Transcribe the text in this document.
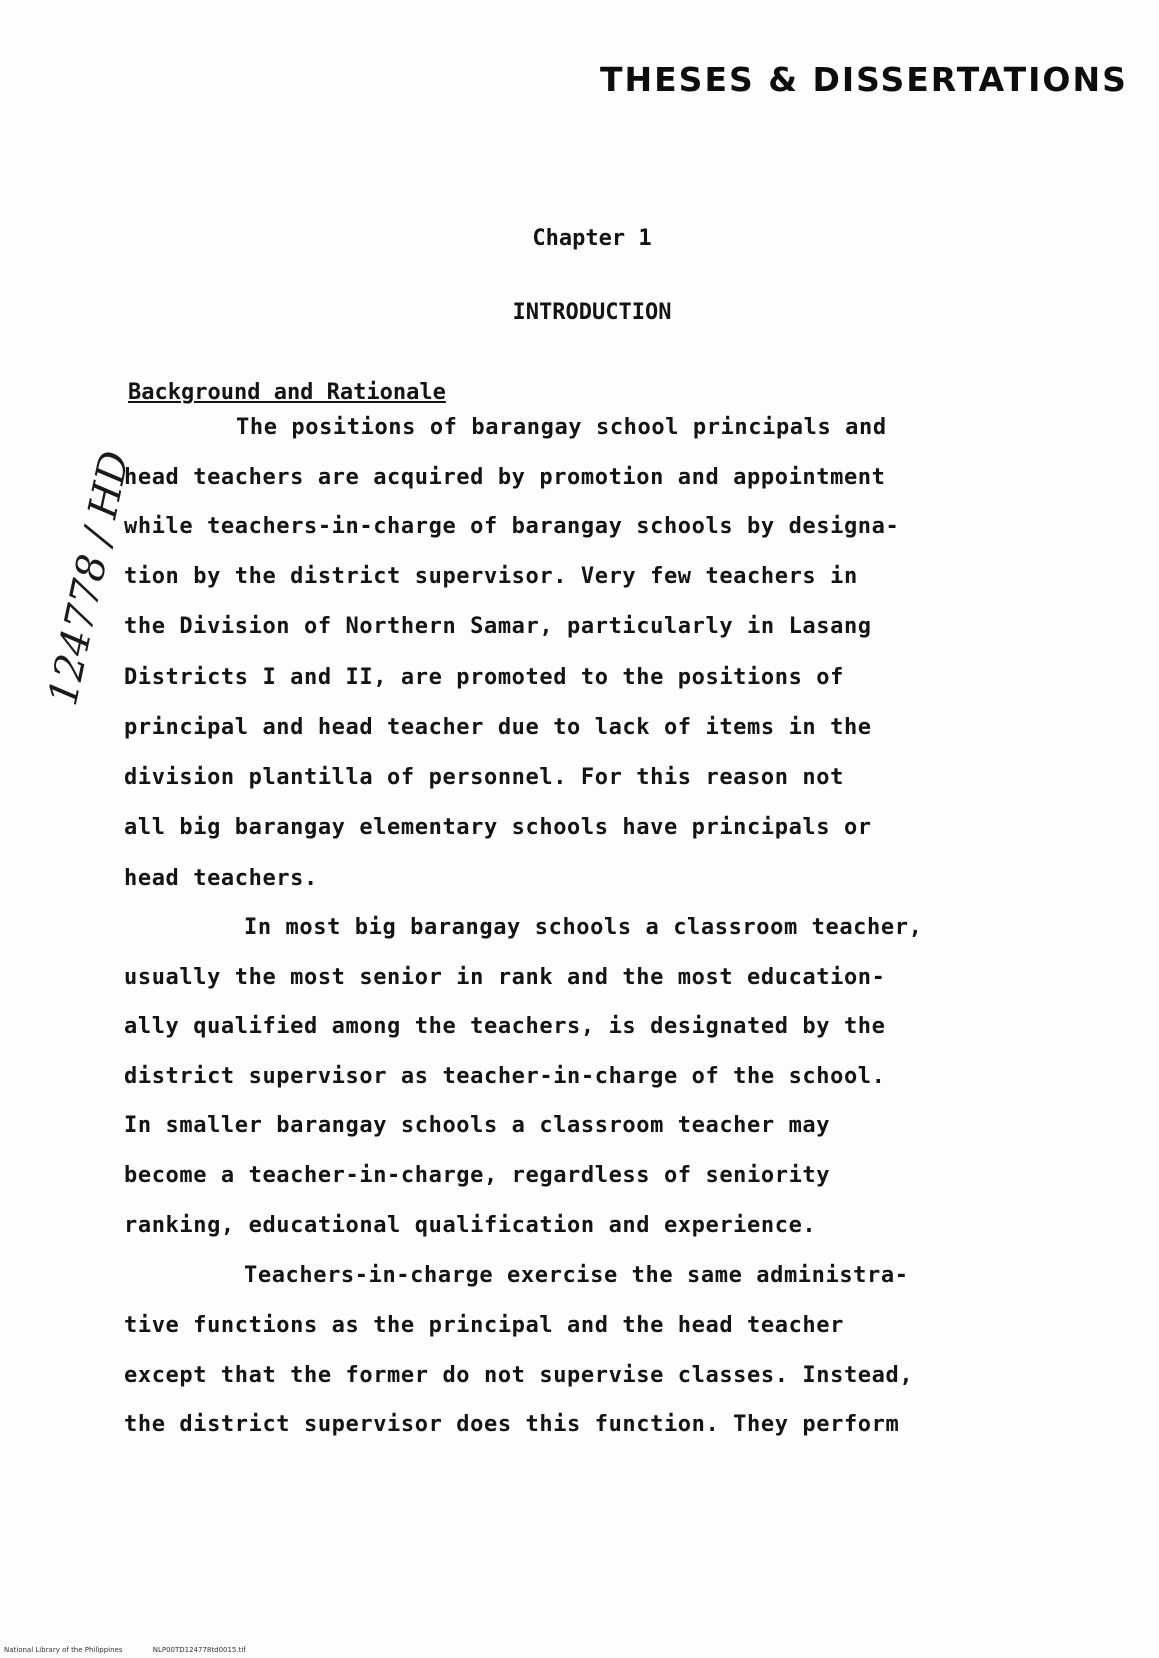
THESES & DISSERTATIONS
Chapter 1
INTRODUCTION
Background and Rationale
The positions of barangay school principals and
head teachers are acquired by promotion and appointment
while teachers-in-charge of barangay schools by designa-
tion by the district supervisor. Very few teachers in
the Division of Northern Samar, particularly in Lasang
Districts I and II, are promoted to the positions of
principal and head teacher due to lack of items in the
division plantilla of personnel. For this reason not
all big barangay elementary schools have principals or
head teachers.
In most big barangay schools a classroom teacher,
usually the most senior in rank and the most education-
ally qualified among the teachers, is designated by the
district supervisor as teacher-in-charge of the school.
In smaller barangay schools a classroom teacher may
become a teacher-in-charge, regardless of seniority
ranking, educational qualification and experience.
Teachers-in-charge exercise the same administra-
tive functions as the principal and the head teacher
except that the former do not supervise classes. Instead,
the district supervisor does this function. They perform
124778 / HD
National Library of the Philippines	NLP00TD124778td0015.tif
